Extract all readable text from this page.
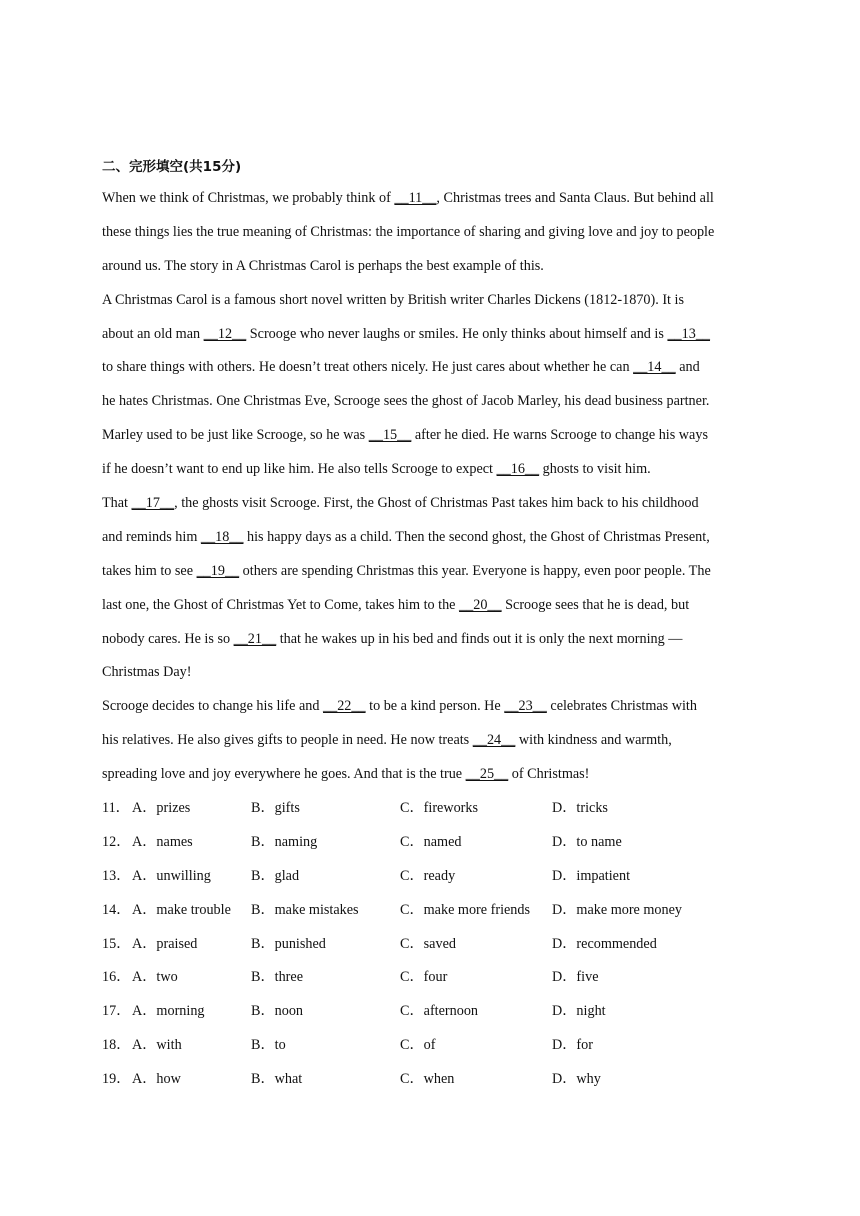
二、完形填空(共15分)
When we think of Christmas, we probably think of __11__, Christmas trees and Santa Claus. But behind all
these things lies the true meaning of Christmas: the importance of sharing and giving love and joy to people
around us. The story in A Christmas Carol is perhaps the best example of this.
A Christmas Carol is a famous short novel written by British writer Charles Dickens (1812-1870). It is
about an old man __12__ Scrooge who never laughs or smiles. He only thinks about himself and is __13__
to share things with others. He doesn’t treat others nicely. He just cares about whether he can __14__ and
he hates Christmas. One Christmas Eve, Scrooge sees the ghost of Jacob Marley, his dead business partner.
Marley used to be just like Scrooge, so he was __15__ after he died. He warns Scrooge to change his ways
if he doesn’t want to end up like him. He also tells Scrooge to expect __16__ ghosts to visit him.
That __17__, the ghosts visit Scrooge. First, the Ghost of Christmas Past takes him back to his childhood
and reminds him __18__ his happy days as a child. Then the second ghost, the Ghost of Christmas Present,
takes him to see __19__ others are spending Christmas this year. Everyone is happy, even poor people. The
last one, the Ghost of Christmas Yet to Come, takes him to the __20__ Scrooge sees that he is dead, but
nobody cares. He is so __21__ that he wakes up in his bed and finds out it is only the next morning —
Christmas Day!
Scrooge decides to change his life and __22__ to be a kind person. He __23__ celebrates Christmas with
his relatives. He also gives gifts to people in need. He now treats __24__ with kindness and warmth,
spreading love and joy everywhere he goes. And that is the true __25__ of Christmas!
11． A．prizes	B．gifts	C．fireworks	D．tricks
12． A．names	B．naming	C．named	D．to name
13． A．unwilling	B．glad	C．ready	D．impatient
14． A．make trouble B．make mistakes	C．make more friends D．make more money
15． A．praised	B．punished	C．saved	D．recommended
16． A．two	B．three	C．four	D．five
17． A．morning	B．noon	C．afternoon	D．night
18． A．with	B．to	C．of	D．for
19． A．how	B．what	C．when	D．why
